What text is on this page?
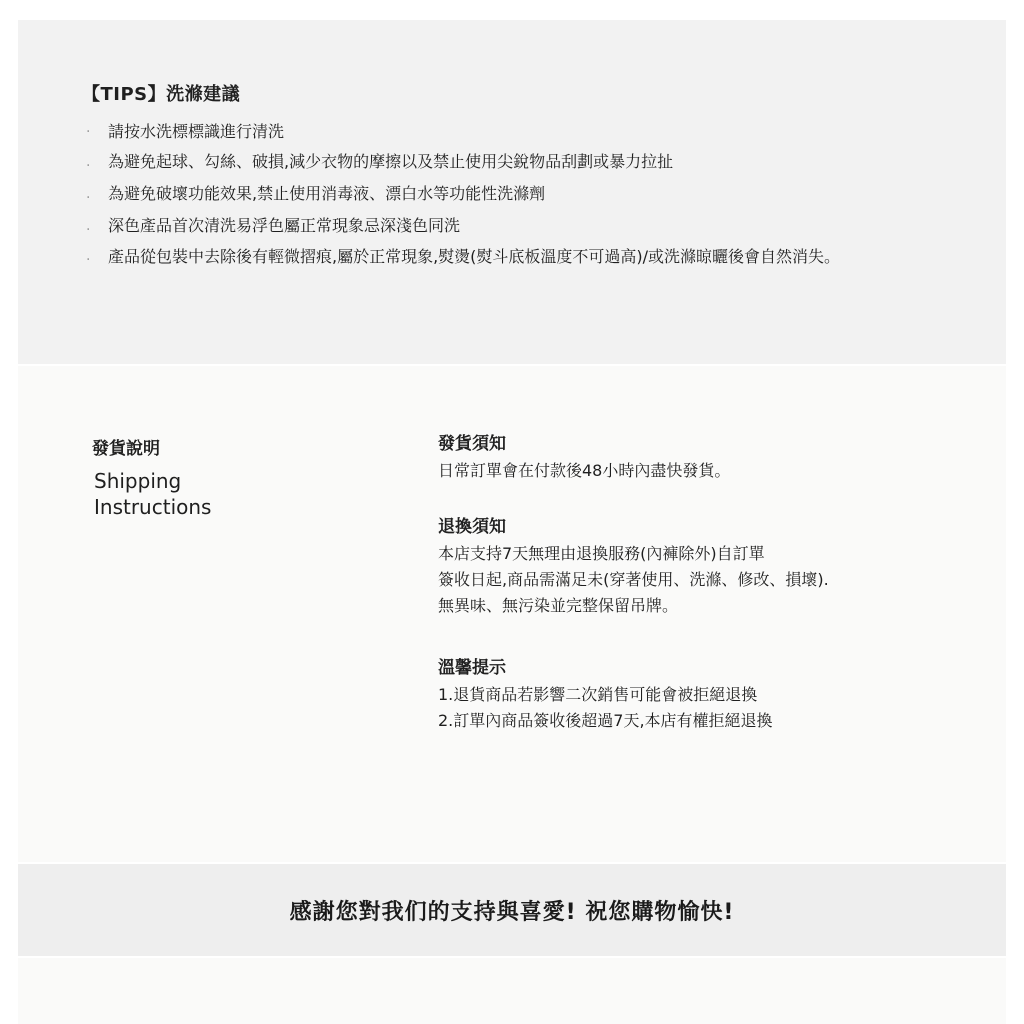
【TIPS】洗滌建議
· 請按水洗標標識進行清洗
. 為避免起球、勾絲、破損,減少衣物的摩擦以及禁止使用尖銳物品刮劃或暴力拉扯
. 為避免破壞功能效果,禁止使用消毒液、漂白水等功能性洗滌劑
. 深色產品首次清洗易浮色屬正常現象忌深淺色同洗
. 產品從包裝中去除後有輕微摺痕,屬於正常現象,熨燙(熨斗底板溫度不可過高)/或洗滌晾曬後會自然消失。
發貨說明
Shipping Instructions
發貨須知
日常訂單會在付款後48小時內盡快發貨。
退換須知
本店支持7天無理由退換服務(內褲除外)自訂單
簽收日起,商品需滿足未(穿著使用、洗滌、修改、損壞).
無異味、無污染並完整保留吊牌。
溫馨提示
1.退貨商品若影響二次銷售可能會被拒絕退換
2.訂單內商品簽收後超過7天,本店有權拒絕退換
感謝您對我们的支持與喜愛! 祝您購物愉快!
